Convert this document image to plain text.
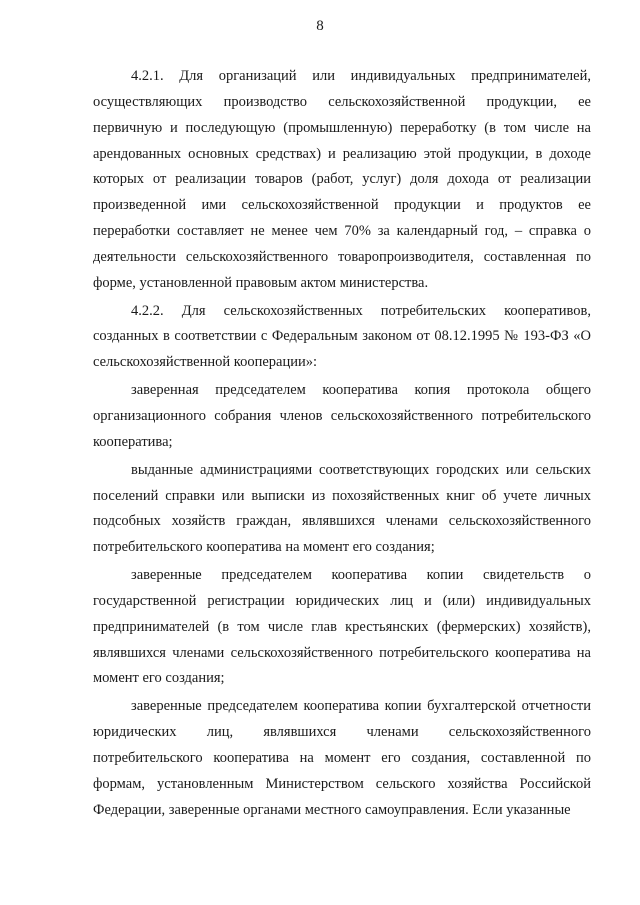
8

4.2.1. Для организаций или индивидуальных предпринимателей, осуществляющих производство сельскохозяйственной продукции, ее первичную и последующую (промышленную) переработку (в том числе на арендованных основных средствах) и реализацию этой продукции, в доходе которых от реализации товаров (работ, услуг) доля дохода от реализации произведенной ими сельскохозяйственной продукции и продуктов ее переработки составляет не менее чем 70% за календарный год, – справка о деятельности сельскохозяйственного товаропроизводителя, составленная по форме, установленной правовым актом министерства.

4.2.2. Для сельскохозяйственных потребительских кооперативов, созданных в соответствии с Федеральным законом от 08.12.1995 № 193-ФЗ «О сельскохозяйственной кооперации»:

заверенная председателем кооператива копия протокола общего организационного собрания членов сельскохозяйственного потребительского кооператива;

выданные администрациями соответствующих городских или сельских поселений справки или выписки из похозяйственных книг об учете личных подсобных хозяйств граждан, являвшихся членами сельскохозяйственного потребительского кооператива на момент его создания;

заверенные председателем кооператива копии свидетельств о государственной регистрации юридических лиц и (или) индивидуальных предпринимателей (в том числе глав крестьянских (фермерских) хозяйств), являвшихся членами сельскохозяйственного потребительского кооператива на момент его создания;

заверенные председателем кооператива копии бухгалтерской отчетности юридических лиц, являвшихся членами сельскохозяйственного потребительского кооператива на момент его создания, составленной по формам, установленным Министерством сельского хозяйства Российской Федерации, заверенные органами местного самоуправления. Если указанные
